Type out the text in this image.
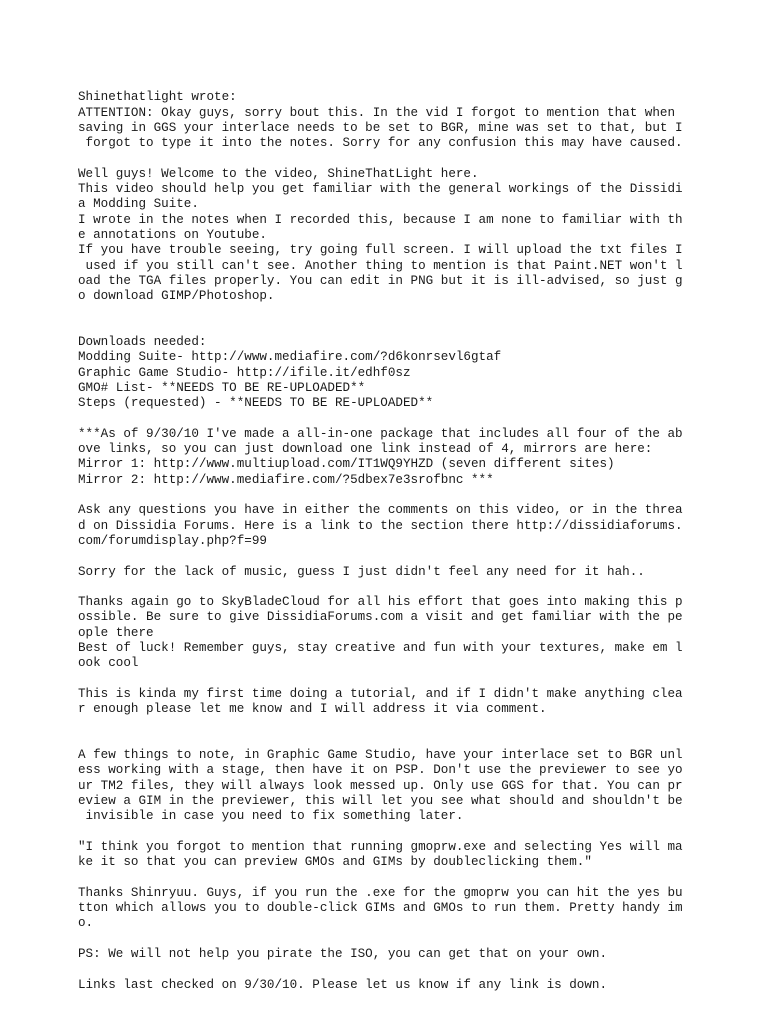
Shinethatlight wrote:
ATTENTION: Okay guys, sorry bout this. In the vid I forgot to mention that when
saving in GGS your interlace needs to be set to BGR, mine was set to that, but I
forgot to type it into the notes. Sorry for any confusion this may have caused.
Well guys! Welcome to the video, ShineThatLight here.
This video should help you get familiar with the general workings of the Dissidi
a Modding Suite.
I wrote in the notes when I recorded this, because I am none to familiar with th
e annotations on Youtube.
If you have trouble seeing, try going full screen. I will upload the txt files I
used if you still can't see. Another thing to mention is that Paint.NET won't l
oad the TGA files properly. You can edit in PNG but it is ill-advised, so just g
o download GIMP/Photoshop.
Downloads needed:
Modding Suite- http://www.mediafire.com/?d6konrsevl6gtaf
Graphic Game Studio- http://ifile.it/edhf0sz
GMO# List- **NEEDS TO BE RE-UPLOADED**
Steps (requested) - **NEEDS TO BE RE-UPLOADED**
***As of 9/30/10 I've made a all-in-one package that includes all four of the ab
ove links, so you can just download one link instead of 4, mirrors are here:
Mirror 1: http://www.multiupload.com/IT1WQ9YHZD (seven different sites)
Mirror 2: http://www.mediafire.com/?5dbex7e3srofbnc ***
Ask any questions you have in either the comments on this video, or in the threa
d on Dissidia Forums. Here is a link to the section there http://dissidiaforums.
com/forumdisplay.php?f=99
Sorry for the lack of music, guess I just didn't feel any need for it hah..
Thanks again go to SkyBladeCloud for all his effort that goes into making this p
ossible. Be sure to give DissidiaForums.com a visit and get familiar with the pe
ople there
Best of luck! Remember guys, stay creative and fun with your textures, make em l
ook cool
This is kinda my first time doing a tutorial, and if I didn't make anything clea
r enough please let me know and I will address it via comment.
A few things to note, in Graphic Game Studio, have your interlace set to BGR unl
ess working with a stage, then have it on PSP. Don't use the previewer to see yo
ur TM2 files, they will always look messed up. Only use GGS for that. You can pr
eview a GIM in the previewer, this will let you see what should and shouldn't be
invisible in case you need to fix something later.
"I think you forgot to mention that running gmoprw.exe and selecting Yes will ma
ke it so that you can preview GMOs and GIMs by doubleclicking them."
Thanks Shinryuu. Guys, if you run the .exe for the gmoprw you can hit the yes bu
tton which allows you to double-click GIMs and GMOs to run them. Pretty handy im
o.
PS: We will not help you pirate the ISO, you can get that on your own.
Links last checked on 9/30/10. Please let us know if any link is down.
